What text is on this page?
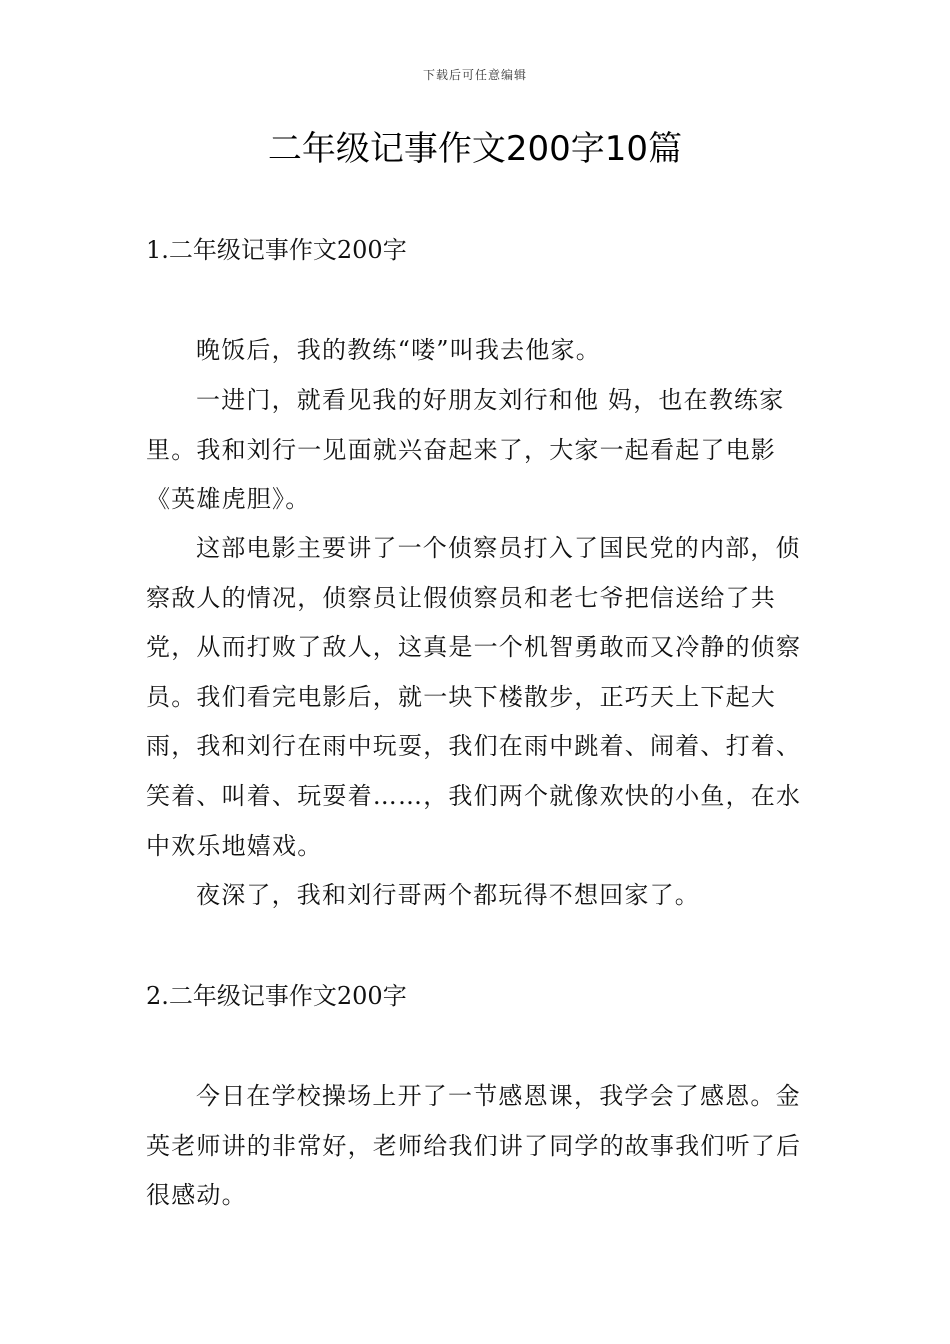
下载后可任意编辑
二年级记事作文200字10篇
1.二年级记事作文200字

晚饭后，我的教练“喽”叫我去他家。

一进门，就看见我的好朋友刘行和他 妈，也在教练家里。我和刘行一见面就兴奋起来了，大家一起看起了电影《英雄虎胆》。

这部电影主要讲了一个侦察员打入了国民党的内部，侦察敌人的情况，侦察员让假侦察员和老七爷把信送给了共党，从而打败了敌人，这真是一个机智勇敢而又冷静的侦察员。我们看完电影后，就一块下楼散步，正巧天上下起大雨，我和刘行在雨中玩耍，我们在雨中跳着、闹着、打着、笑着、叫着、玩耍着……，我们两个就像欢快的小鱼，在水中欢乐地嬉戏。

夜深了，我和刘行哥两个都玩得不想回家了。

2.二年级记事作文200字

今日在学校操场上开了一节感恩课，我学会了感恩。金英老师讲的非常好，老师给我们讲了同学的故事我们听了后很感动。
